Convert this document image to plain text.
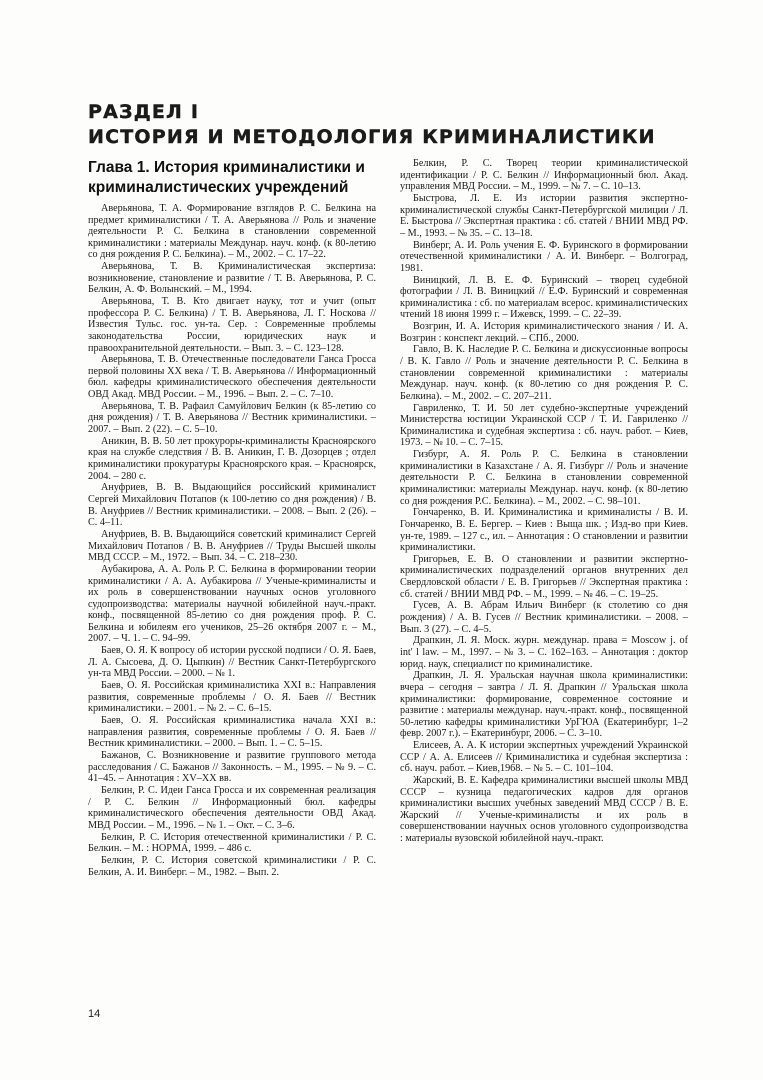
РАЗДЕЛ I
ИСТОРИЯ И МЕТОДОЛОГИЯ КРИМИНАЛИСТИКИ
Глава 1. История криминалистики и криминалистических учреждений

Аверьянова, Т. А. Формирование взглядов Р. С. Белкина на предмет криминалистики / Т. А. Аверьянова // Роль и значение деятельности Р. С. Белкина в становлении современной криминалистики : материалы Междунар. науч. конф. (к 80-летию со дня рождения Р. С. Белкина). – М., 2002. – С. 17–22.

Аверьянова, Т. В. Криминалистическая экспертиза: возникновение, становление и развитие / Т. В. Аверьянова, Р. С. Белкин, А. Ф. Волынский. – М., 1994.

Аверьянова, Т. В. Кто двигает науку, тот и учит (опыт профессора Р. С. Белкина) / Т. В. Аверьянова, Л. Г. Носкова // Известия Тульс. гос. ун-та. Сер. : Современные проблемы законодательства России, юридических наук и правоохранительной деятельности. – Вып. 3. – С. 123–128.

Аверьянова, Т. В. Отечественные последователи Ганса Гросса первой половины XX века / Т. В. Аверьянова // Информационный бюл. кафедры криминалистического обеспечения деятельности ОВД Акад. МВД России. – М., 1996. – Вып. 2. – С. 7–10.

Аверьянова, Т. В. Рафаил Самуйлович Белкин (к 85-летию со дня рождения) / Т. В. Аверьянова // Вестник криминалистики. – 2007. – Вып. 2 (22). – С. 5–10.

Аникин, В. В. 50 лет прокуроры-криминалисты Красноярского края на службе следствия / В. В. Аникин, Г. В. Дозорцев ; отдел криминалистики прокуратуры Красноярского края. – Красноярск, 2004. – 280 с.

Ануфриев, В. В. Выдающийся российский криминалист Сергей Михайлович Потапов (к 100-летию со дня рождения) / В. В. Ануфриев // Вестник криминалистики. – 2008. – Вып. 2 (26). – С. 4–11.

Ануфриев, В. В. Выдающийся советский криминалист Сергей Михайлович Потапов / В. В. Ануфриев // Труды Высшей школы МВД СССР. – М., 1972. – Вып. 34. – С. 218–230.

Аубакирова, А. А. Роль Р. С. Белкина в формировании теории криминалистики / А. А. Аубакирова // Ученые-криминалисты и их роль в совершенствовании научных основ уголовного судопроизводства: материалы научной юбилейной науч.-практ. конф., посвященной 85-летию со дня рождения проф. Р. С. Белкина и юбилеям его учеников, 25–26 октября 2007 г. – М., 2007. – Ч. 1. – С. 94–99.

Баев, О. Я. К вопросу об истории русской подписи / О. Я. Баев, Л. А. Сысоева, Д. О. Цыпкин) // Вестник Санкт-Петербургского ун-та МВД России. – 2000. – № 1.

Баев, О. Я. Российская криминалистика XXI в.: Направления развития, современные проблемы / О. Я. Баев // Вестник криминалистики. – 2001. – № 2. – С. 6–15.

Баев, О. Я. Российская криминалистика начала XXI в.: направления развития, современные проблемы / О. Я. Баев // Вестник криминалистики. – 2000. – Вып. 1. – С. 5–15.

Бажанов, С. Возникновение и развитие группового метода расследования / С. Бажанов // Законность. – М., 1995. – № 9. – С. 41–45. – Аннотация : XV–XX вв.

Белкин, Р. С. Идеи Ганса Гросса и их современная реализация / Р. С. Белкин // Информационный бюл. кафедры криминалистического обеспечения деятельности ОВД Акад. МВД России. – М., 1996. – № 1. – Окт. – С. 3–6.

Белкин, Р. С. История отечественной криминалистики / Р. С. Белкин. – М. : НОРМА, 1999. – 486 с.

Белкин, Р. С. История советской криминалистики / Р. С. Белкин, А. И. Винберг. – М., 1982. – Вып. 2.

Белкин, Р. С. Творец теории криминалистической идентификации / Р. С. Белкин // Информационный бюл. Акад. управления МВД России. – М., 1999. – № 7. – С. 10–13.

Быстрова, Л. Е. Из истории развития экспертно-криминалистической службы Санкт-Петербургской милиции / Л. Е. Быстрова // Экспертная практика : сб. статей / ВНИИ МВД РФ. – М., 1993. – № 35. – С. 13–18.

Винберг, А. И. Роль учения Е. Ф. Буринского в формировании отечественной криминалистики / А. И. Винберг. – Волгоград, 1981.

Виницкий, Л. В. Е. Ф. Буринский – творец судебной фотографии / Л. В. Виницкий // Е.Ф. Буринский и современная криминалистика : сб. по материалам всерос. криминалистических чтений 18 июня 1999 г. – Ижевск, 1999. – С. 22–39.

Возгрин, И. А. История криминалистического знания / И. А. Возгрин : конспект лекций. – СПб., 2000.

Гавло, В. К. Наследие Р. С. Белкина и дискуссионные вопросы / В. К. Гавло // Роль и значение деятельности Р. С. Белкина в становлении современной криминалистики : материалы Междунар. науч. конф. (к 80-летию со дня рождения Р. С. Белкина). – М., 2002. – С. 207–211.

Гавриленко, Т. И. 50 лет судебно-экспертные учреждений Министерства юстиции Украинской ССР / Т. И. Гавриленко // Криминалистика и судебная экспертиза : сб. науч. работ. – Киев, 1973. – № 10. – С. 7–15.

Гизбург, А. Я. Роль Р. С. Белкина в становлении криминалистики в Казахстане / А. Я. Гизбург // Роль и значение деятельности Р. С. Белкина в становлении современной криминалистики: материалы Междунар. науч. конф. (к 80-летию со дня рождения Р.С. Белкина). – М., 2002. – С. 98–101.

Гончаренко, В. И. Криминалистика и криминалисты / В. И. Гончаренко, В. Е. Бергер. – Киев : Выща шк. ; Изд-во при Киев. ун-те, 1989. – 127 с., ил. – Аннотация : О становлении и развитии криминалистики.

Григорьев, Е. В. О становлении и развитии экспертно-криминалистических подразделений органов внутренних дел Свердловской области / Е. В. Григорьев // Экспертная практика : сб. статей / ВНИИ МВД РФ. – М., 1999. – № 46. – С. 19–25.

Гусев, А. В. Абрам Ильич Винберг (к столетию со дня рождения) / А. В. Гусев // Вестник криминалистики. – 2008. – Вып. 3 (27). – С. 4–5.

Драпкин, Л. Я. Моск. журн. междунар. права = Moscow j. of int' l law. – М., 1997. – № 3. – С. 162–163. – Аннотация : доктор юрид. наук, специалист по криминалистике.

Драпкин, Л. Я. Уральская научная школа криминалистики: вчера – сегодня – завтра / Л. Я. Драпкин // Уральская школа криминалистики: формирование, современное состояние и развитие : материалы междунар. науч.-практ. конф., посвященной 50-летию кафедры криминалистики УрГЮА (Екатеринбург, 1–2 февр. 2007 г.). – Екатеринбург, 2006. – С. 3–10.

Елисеев, А. А. К истории экспертных учреждений Украинской ССР / А. А. Елисеев // Криминалистика и судебная экспертиза : сб. науч. работ. – Киев,1968. – № 5. – С. 101–104.

Жарский, В. Е. Кафедра криминалистики высшей школы МВД СССР – кузница педагогических кадров для органов криминалистики высших учебных заведений МВД СССР / В. Е. Жарский // Ученые-криминалисты и их роль в совершенствовании научных основ уголовного судопроизводства : материалы вузовской юбилейной науч.-практ.

14
